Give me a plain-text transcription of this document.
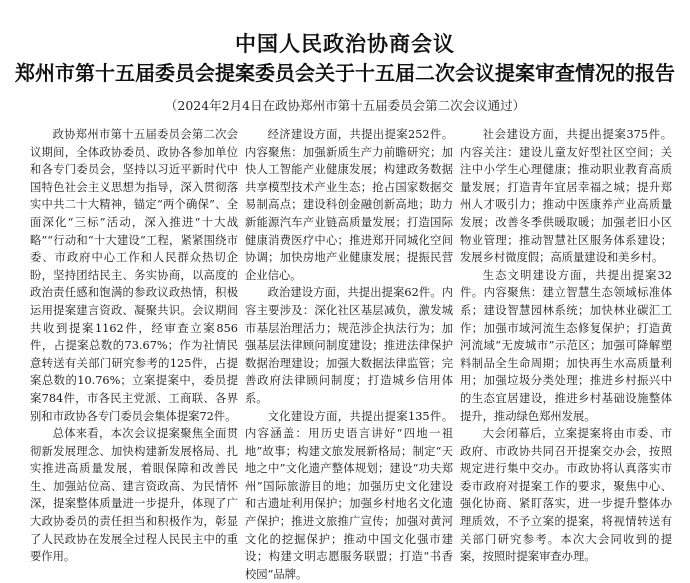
中国人民政治协商会议
郑州市第十五届委员会提案委员会关于十五届二次会议提案审查情况的报告
（2024年2月4日在政协郑州市第十五届委员会第二次会议通过）

政协郑州市第十五届委员会第二次会议期间，全体政协委员、政协各参加单位和各专门委员会，坚持以习近平新时代中国特色社会主义思想为指导，深入贯彻落实中共二十大精神，锚定“两个确保”、全面深化“三标”活动，深入推进“十大战略”“行动和“十大建设”工程，紧紧围绕市委、市政府中心工作和人民群众热切企盼，坚持团结民主、务实协商，以高度的政治责任感和饱满的参政议政热情，积极运用提案建言资政、凝聚共识。会议期间共收到提案1162件，经审查立案856件，占提案总数的73.67%；作为社情民意转送有关部门研究参考的125件，占提案总数的10.76%；立案提案中，委员提案784件，市各民主党派、工商联、各界别和市政协各专门委员会集体提案72件。

总体来看，本次会议提案聚焦全面贯彻新发展理念、加快构建新发展格局、扎实推进高质量发展，着眼保障和改善民生、加强站位高、建言资政高、为民情怀深，提案整体质量进一步提升，体现了广大政协委员的责任担当和积极作为，彰显了人民政协在发展全过程人民民主中的重要作用。

经济建设方面，共提出提案252件。内容聚焦：加强新质生产力前瞻研究；加快人工智能产业健康发展；构建政务数据共享模型技术产业生态；抢占国家数据交易制高点；建设科创金融创新高地；助力新能源汽车产业链高质量发展；打造国际健康消费医疗中心；推进郑开同城化空间协调；加快房地产业健康发展；提振民营企业信心。

政治建设方面，共提出提案62件。内容主要涉及：深化社区基层减负，激发城市基层治理活力；规范涉企执法行为；加强基层法律顾问制度建设；推进法律保护数据治理建设；加强大数据法律监管；完善政府法律顾问制度；打造城乡信用体系。

文化建设方面，共提出提案135件。内容涵盖：用历史语言讲好“四地一祖地”故事；构建文旅发展新格局；制定“天地之中”文化遗产整体规划；建设“功夫郑州”国际旅游目的地；加强历史文化建设和古遗址利用保护；加强乡村地名文化遗产保护；推进文旅推广宣传；加强对黄河文化的挖掘保护；推动中国文化强市建设；构建文明志愿服务联盟；打造“书香校园”品牌。

社会建设方面，共提出提案375件。内容关注：建设儿童友好型社区空间；关注中小学生心理健康；推动职业教育高质量发展；打造青年宜居幸福之城；提升郑州人才吸引力；推动中医康养产业高质量发展；改善冬季供暖取暖；加强老旧小区物业管理；推动智慧社区服务体系建设；发展乡村微度假；高质量建设和美乡村。

生态文明建设方面，共提出提案32件。内容聚焦：建立智慧生态领域标准体系；建设智慧园林系统；加快林业碳汇工作；加强市域河流生态修复保护；打造黄河流域“无废城市”示范区；加强可降解塑料制品全生命周期；加快再生水高质量利用；加强垃圾分类处理；推进乡村振兴中的生态宜居建设，推进乡村基础设施整体提升，推动绿色郑州发展。

大会闭幕后，立案提案将由市委、市政府、市政协共同召开提案交办会，按照规定进行集中交办。市政协将认真落实市委市政府对提案工作的要求，聚焦中心、强化协商、紧盯落实，进一步提升整体办理质效，不予立案的提案，将视情转送有关部门研究参考。本次大会同收到的提案，按照时提案审查办理。
